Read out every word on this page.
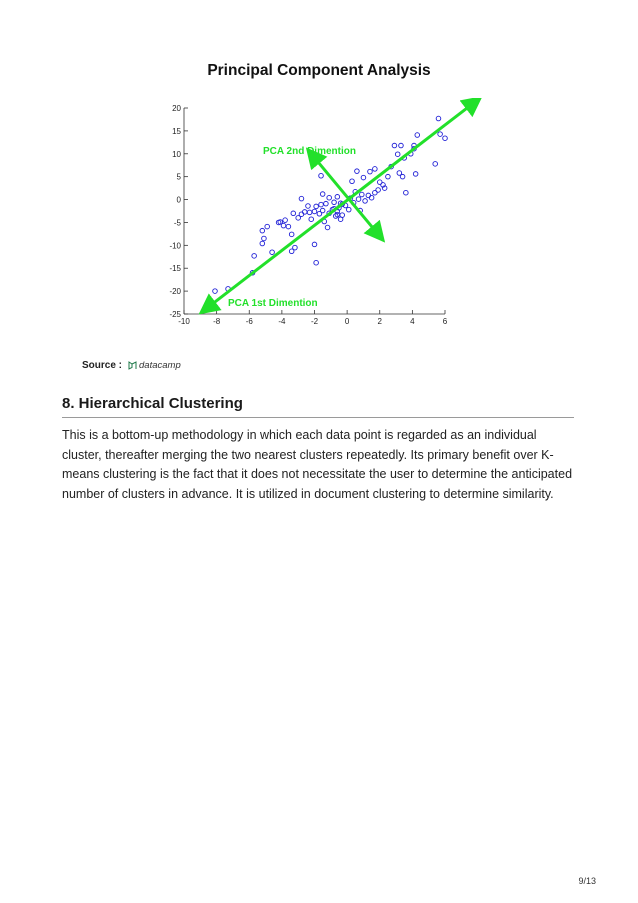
Principal Component Analysis
20
15
10
5
0
-5
-10
-15
-20
-25
-10	-8	-6	-4	-2	0	2	4	6
PCA 2nd Dimention
PCA 1st Dimention
Source : datacamp
8. Hierarchical Clustering

This is a bottom-up methodology in which each data point is regarded as an individual cluster, thereafter merging the two nearest clusters repeatedly. Its primary benefit over K-means clustering is the fact that it does not necessitate the user to determine the anticipated number of clusters in advance. It is utilized in document clustering to determine similarity.

9/13
